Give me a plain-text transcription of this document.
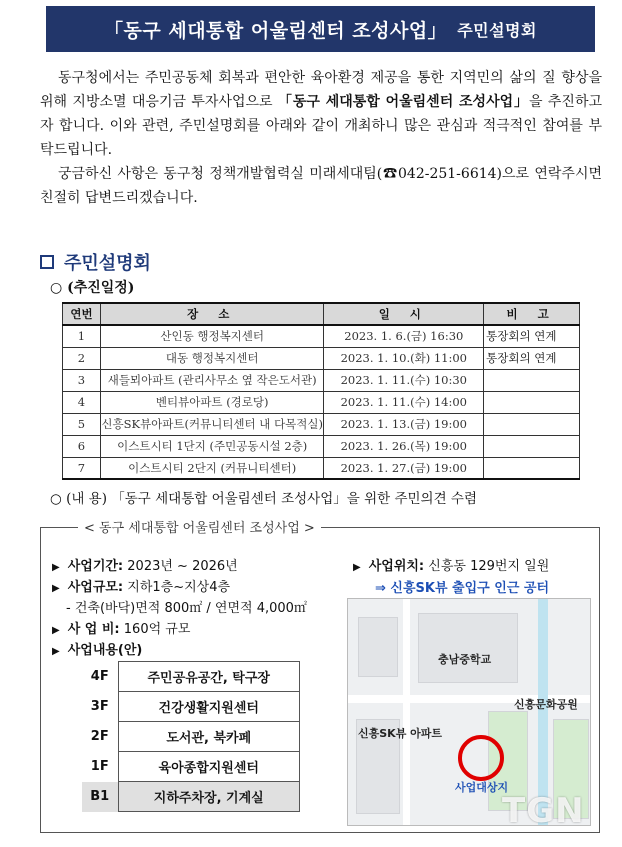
「동구 세대통합 어울림센터 조성사업」 주민설명회

동구청에서는 주민공동체 회복과 편안한 육아환경 제공을 통한 지역민의 삶의 질 향상을 위해 지방소멸 대응기금 투자사업으로 「동구 세대통합 어울림센터 조성사업」을 추진하고자 합니다. 이와 관련, 주민설명회를 아래와 같이 개최하니 많은 관심과 적극적인 참여를 부탁드립니다.

궁금하신 사항은 동구청 정책개발협력실 미래세대팀(☎042-251-6614)으로 연락주시면 친절히 답변드리겠습니다.

주민설명회
○ (추진일정)
연번	장 소	일 시	비 고
1	산인동 행정복지센터	2023. 1. 6.(금) 16:30	통장회의 연계
2	대동 행정복지센터	2023. 1. 10.(화) 11:00	통장회의 연계
3	새들뫼아파트 (관리사무소 옆 작은도서관)	2023. 1. 11.(수) 10:30	
4	벤티뷰아파트 (경로당)	2023. 1. 11.(수) 14:00	
5	신흥SK뷰아파트(커뮤니티센터 내 다목적실)	2023. 1. 13.(금) 19:00	
6	이스트시티 1단지 (주민공동시설 2층)	2023. 1. 26.(목) 19:00	
7	이스트시티 2단지 (커뮤니티센터)	2023. 1. 27.(금) 19:00	
○ (내 용) 「동구 세대통합 어울림센터 조성사업」을 위한 주민의견 수렴
< 동구 세대통합 어울림센터 조성사업 >
▶ 사업기간: 2023년 ~ 2026년
▶ 사업규모: 지하1층~지상4층
- 건축(바닥)면적 800㎡ / 연면적 4,000㎡
▶ 사 업 비: 160억 규모
▶ 사업내용(안)
4F	주민공유공간, 탁구장
3F	건강생활지원센터
2F	도서관, 북카페
1F	육아종합지원센터
B1	지하주차장, 기계실
▶ 사업위치: 신흥동 129번지 일원
⇒ 신흥SK뷰 출입구 인근 공터
충남중학교
신흥문화공원
신흥SK뷰 아파트
사업대상지
TGN
